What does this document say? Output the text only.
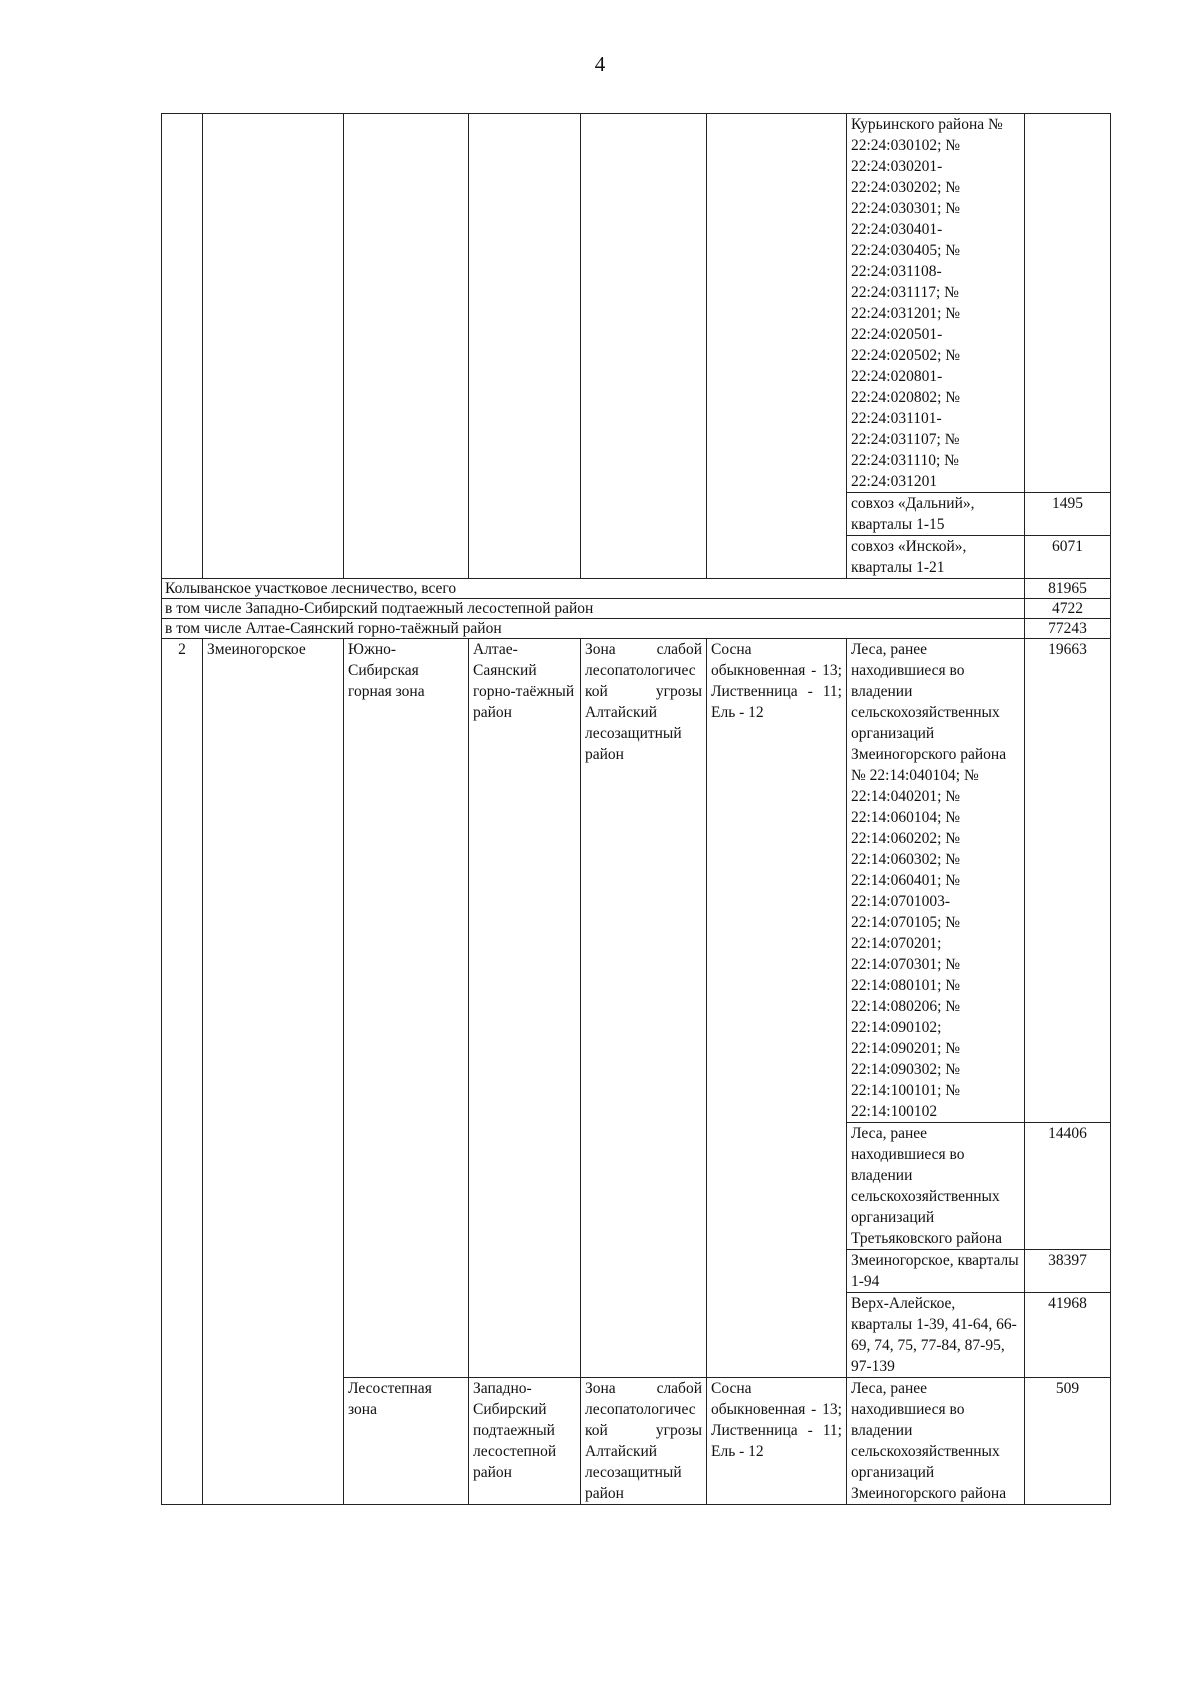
4
						Курьинского района № 22:24:030102; № 22:24:030201-22:24:030202; № 22:24:030301; № 22:24:030401-22:24:030405; № 22:24:031108-22:24:031117; № 22:24:031201; № 22:24:020501-22:24:020502; № 22:24:020801-22:24:020802; № 22:24:031101-22:24:031107; № 22:24:031110; № 22:24:031201	
						совхоз «Дальний», кварталы 1-15	1495
						совхоз «Инской», кварталы 1-21	6071
Колыванское участковое лесничество, всего							81965
в том числе Западно-Сибирский подтаежный лесостепной район							4722
в том числе Алтае-Саянский горно-таёжный район							77243
2	Змеиногорское	Южно-Сибирская горная зона	Алтае-Саянский горно-таёжный район	Зона слабой лесопатологической угрозы Алтайский лесозащитный район	Сосна обыкновенная - 13; Лиственница - 11; Ель - 12	Леса, ранее находившиеся во владении сельскохозяйственных организаций Змеиногорского района № 22:14:040104; № 22:14:040201; № 22:14:060104; № 22:14:060202; № 22:14:060302; № 22:14:060401; № 22:14:0701003-22:14:070105; № 22:14:070201; 22:14:070301; № 22:14:080101; № 22:14:080206; № 22:14:090102; 22:14:090201; № 22:14:090302; № 22:14:100101; № 22:14:100102	19663
						Леса, ранее находившиеся во владении сельскохозяйственных организаций Третьяковского района	14406
						Змеиногорское, кварталы 1-94	38397
						Верх-Алейское, кварталы 1-39, 41-64, 66-69, 74, 75, 77-84, 87-95, 97-139	41968
		Лесостепная зона	Западно-Сибирский подтаежный лесостепной район	Зона слабой лесопатологической угрозы Алтайский лесозащитный район	Сосна обыкновенная - 13; Лиственница - 11; Ель - 12	Леса, ранее находившиеся во владении сельскохозяйственных организаций Змеиногорского района	509
